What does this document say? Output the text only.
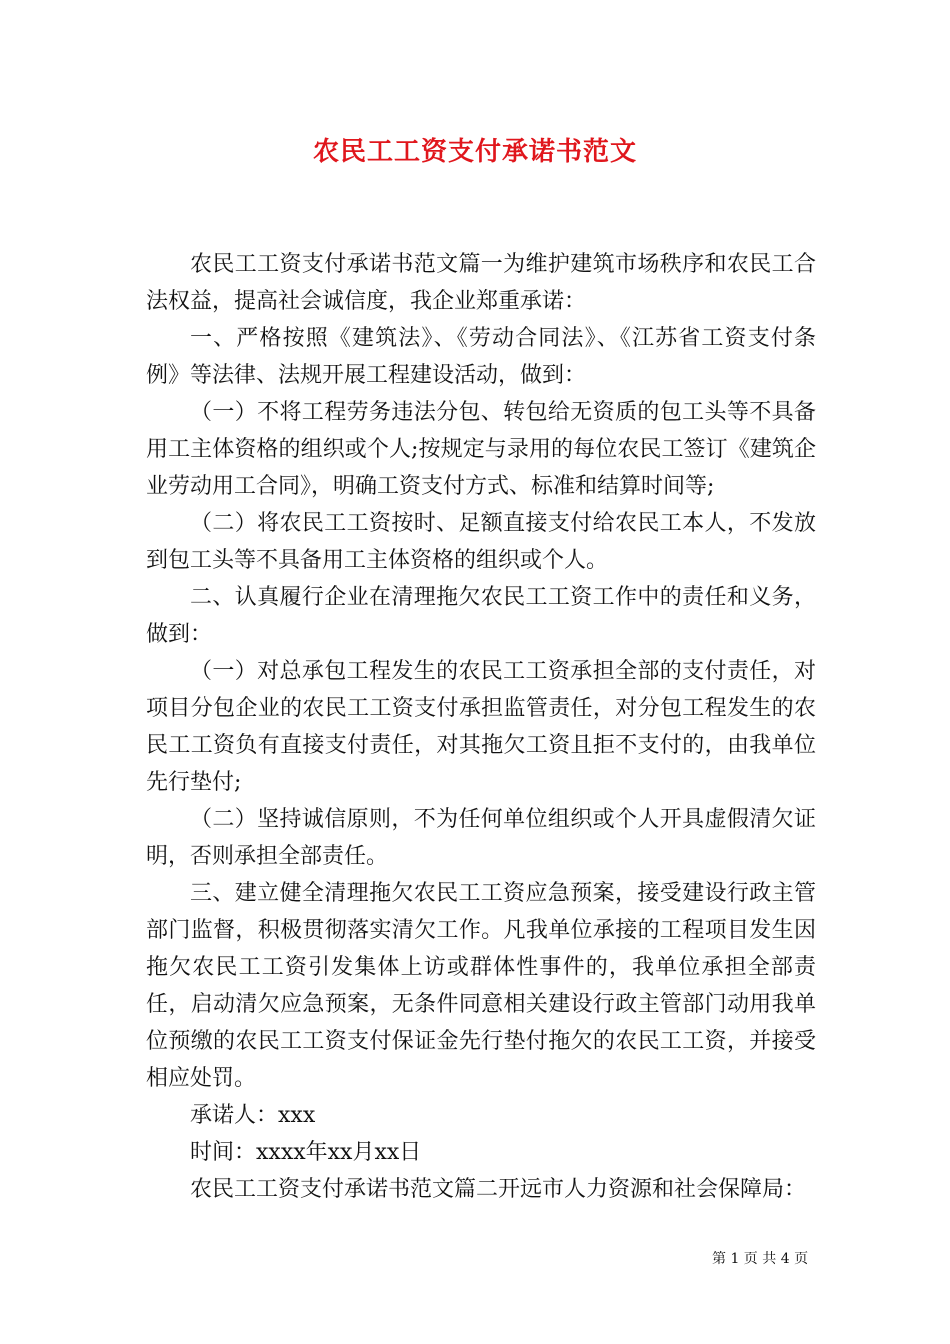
农民工工资支付承诺书范文

农民工工资支付承诺书范文篇一为维护建筑市场秩序和农民工合法权益，提高社会诚信度，我企业郑重承诺：

一、严格按照《建筑法》、《劳动合同法》、《江苏省工资支付条例》等法律、法规开展工程建设活动，做到：

（一）不将工程劳务违法分包、转包给无资质的包工头等不具备用工主体资格的组织或个人;按规定与录用的每位农民工签订《建筑企业劳动用工合同》，明确工资支付方式、标准和结算时间等;

（二）将农民工工资按时、足额直接支付给农民工本人，不发放到包工头等不具备用工主体资格的组织或个人。

二、认真履行企业在清理拖欠农民工工资工作中的责任和义务，做到：

（一）对总承包工程发生的农民工工资承担全部的支付责任，对项目分包企业的农民工工资支付承担监管责任，对分包工程发生的农民工工资负有直接支付责任，对其拖欠工资且拒不支付的，由我单位先行垫付;

（二）坚持诚信原则，不为任何单位组织或个人开具虚假清欠证明，否则承担全部责任。

三、建立健全清理拖欠农民工工资应急预案，接受建设行政主管部门监督，积极贯彻落实清欠工作。凡我单位承接的工程项目发生因拖欠农民工工资引发集体上访或群体性事件的，我单位承担全部责任，启动清欠应急预案，无条件同意相关建设行政主管部门动用我单位预缴的农民工工资支付保证金先行垫付拖欠的农民工工资，并接受相应处罚。

承诺人：xxx

时间：xxxx年xx月xx日

农民工工资支付承诺书范文篇二开远市人力资源和社会保障局：

第 1 页 共 4 页
